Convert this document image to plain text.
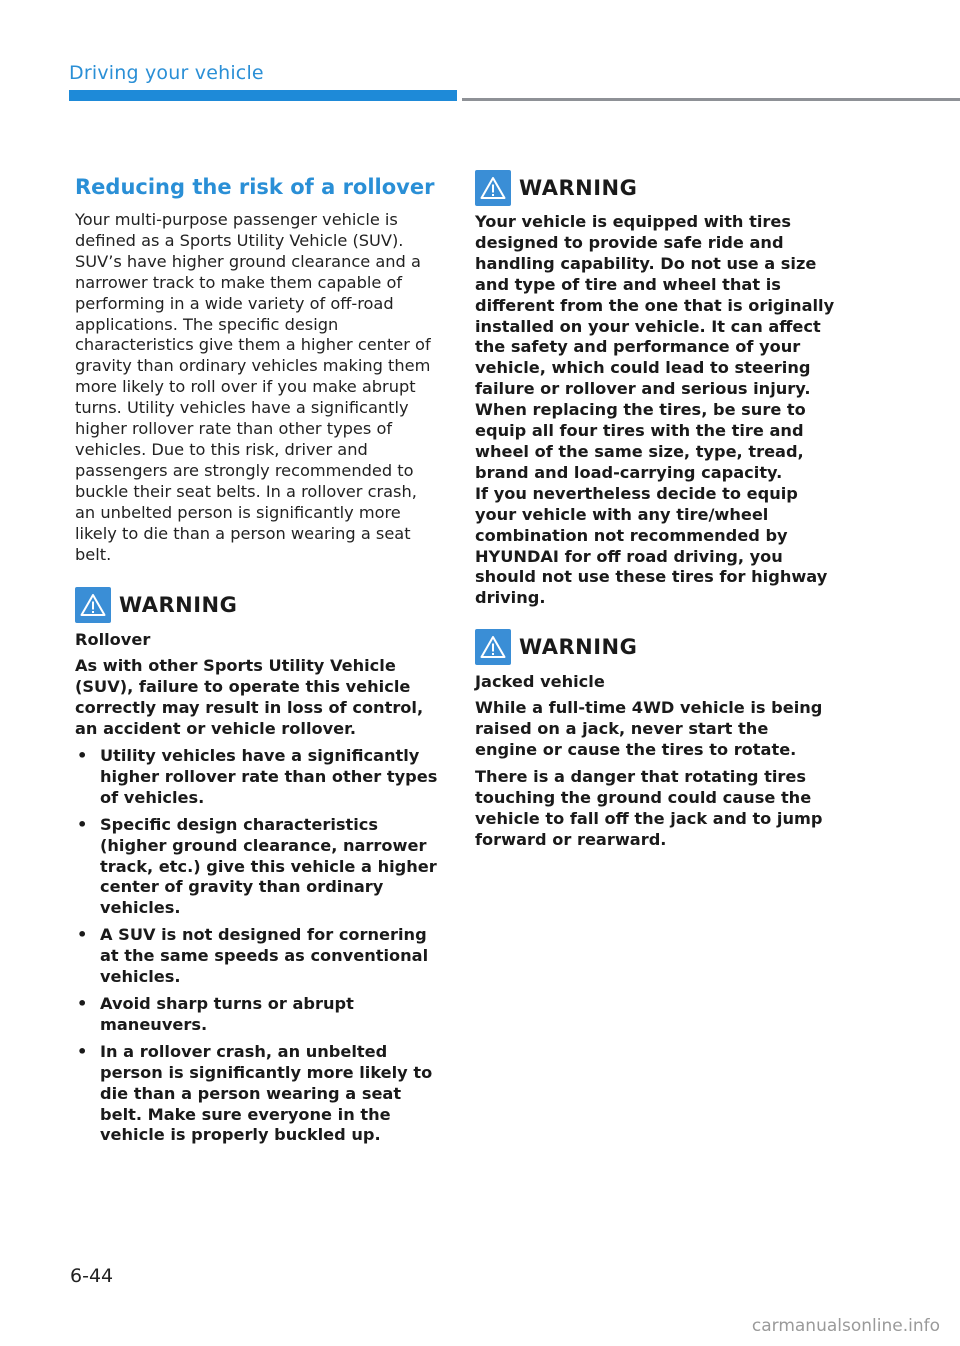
Driving your vehicle
Reducing the risk of a rollover

Your multi-purpose passenger vehicle is defined as a Sports Utility Vehicle (SUV). SUV’s have higher ground clearance and a narrower track to make them capable of performing in a wide variety of off-road applications. The specific design characteristics give them a higher center of gravity than ordinary vehicles making them more likely to roll over if you make abrupt turns. Utility vehicles have a significantly higher rollover rate than other types of vehicles. Due to this risk, driver and passengers are strongly recommended to buckle their seat belts. In a rollover crash, an unbelted person is significantly more likely to die than a person wearing a seat belt.

WARNING

Rollover

As with other Sports Utility Vehicle (SUV), failure to operate this vehicle correctly may result in loss of control, an accident or vehicle rollover.

• Utility vehicles have a significantly higher rollover rate than other types of vehicles.
• Specific design characteristics (higher ground clearance, narrower track, etc.) give this vehicle a higher center of gravity than ordinary vehicles.
• A SUV is not designed for cornering at the same speeds as conventional vehicles.
• Avoid sharp turns or abrupt maneuvers.
• In a rollover crash, an unbelted person is significantly more likely to die than a person wearing a seat belt. Make sure everyone in the vehicle is properly buckled up.
WARNING

Your vehicle is equipped with tires designed to provide safe ride and handling capability. Do not use a size and type of tire and wheel that is different from the one that is originally installed on your vehicle. It can affect the safety and performance of your vehicle, which could lead to steering failure or rollover and serious injury. When replacing the tires, be sure to equip all four tires with the tire and wheel of the same size, type, tread, brand and load-carrying capacity.

If you nevertheless decide to equip your vehicle with any tire/wheel combination not recommended by HYUNDAI for off road driving, you should not use these tires for highway driving.

WARNING

Jacked vehicle

While a full-time 4WD vehicle is being raised on a jack, never start the engine or cause the tires to rotate.

There is a danger that rotating tires touching the ground could cause the vehicle to fall off the jack and to jump forward or rearward.

6-44
carmanualsonline.info
